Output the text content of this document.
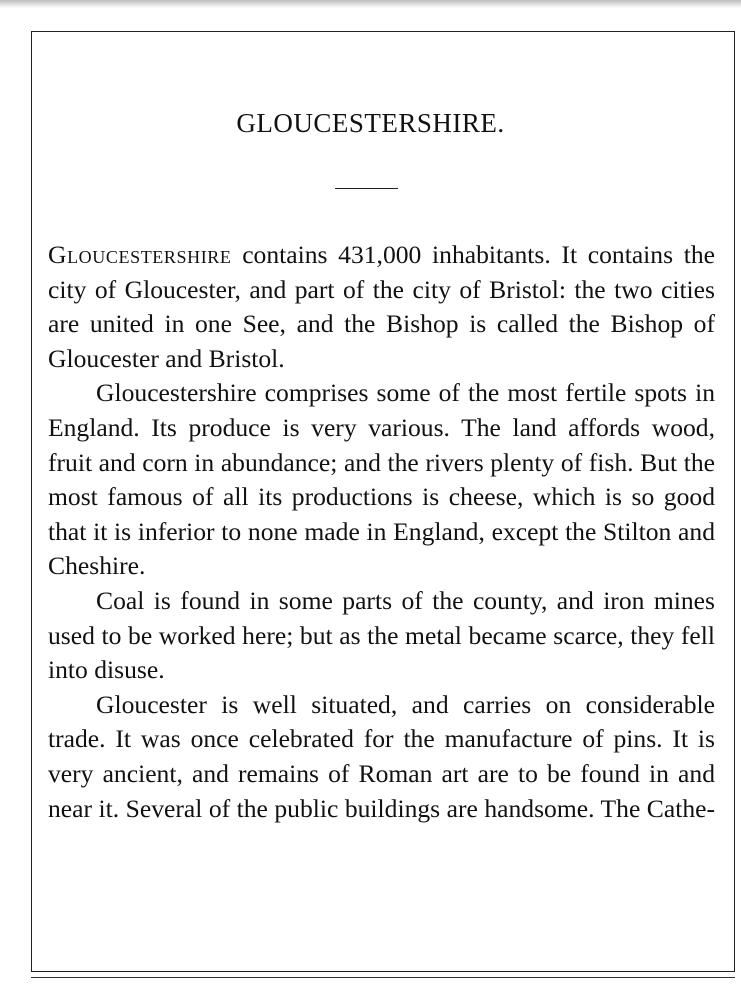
GLOUCESTERSHIRE.

Gloucestershire contains 431,000 inhabitants. It contains the city of Gloucester, and part of the city of Bristol: the two cities are united in one See, and the Bishop is called the Bishop of Gloucester and Bristol.

Gloucestershire comprises some of the most fertile spots in England. Its produce is very various. The land affords wood, fruit and corn in abundance; and the rivers plenty of fish. But the most famous of all its productions is cheese, which is so good that it is inferior to none made in England, except the Stilton and Cheshire.

Coal is found in some parts of the county, and iron mines used to be worked here; but as the metal became scarce, they fell into disuse.

Gloucester is well situated, and carries on considerable trade. It was once celebrated for the manufacture of pins. It is very ancient, and remains of Roman art are to be found in and near it. Several of the public buildings are handsome. The Cathe-
